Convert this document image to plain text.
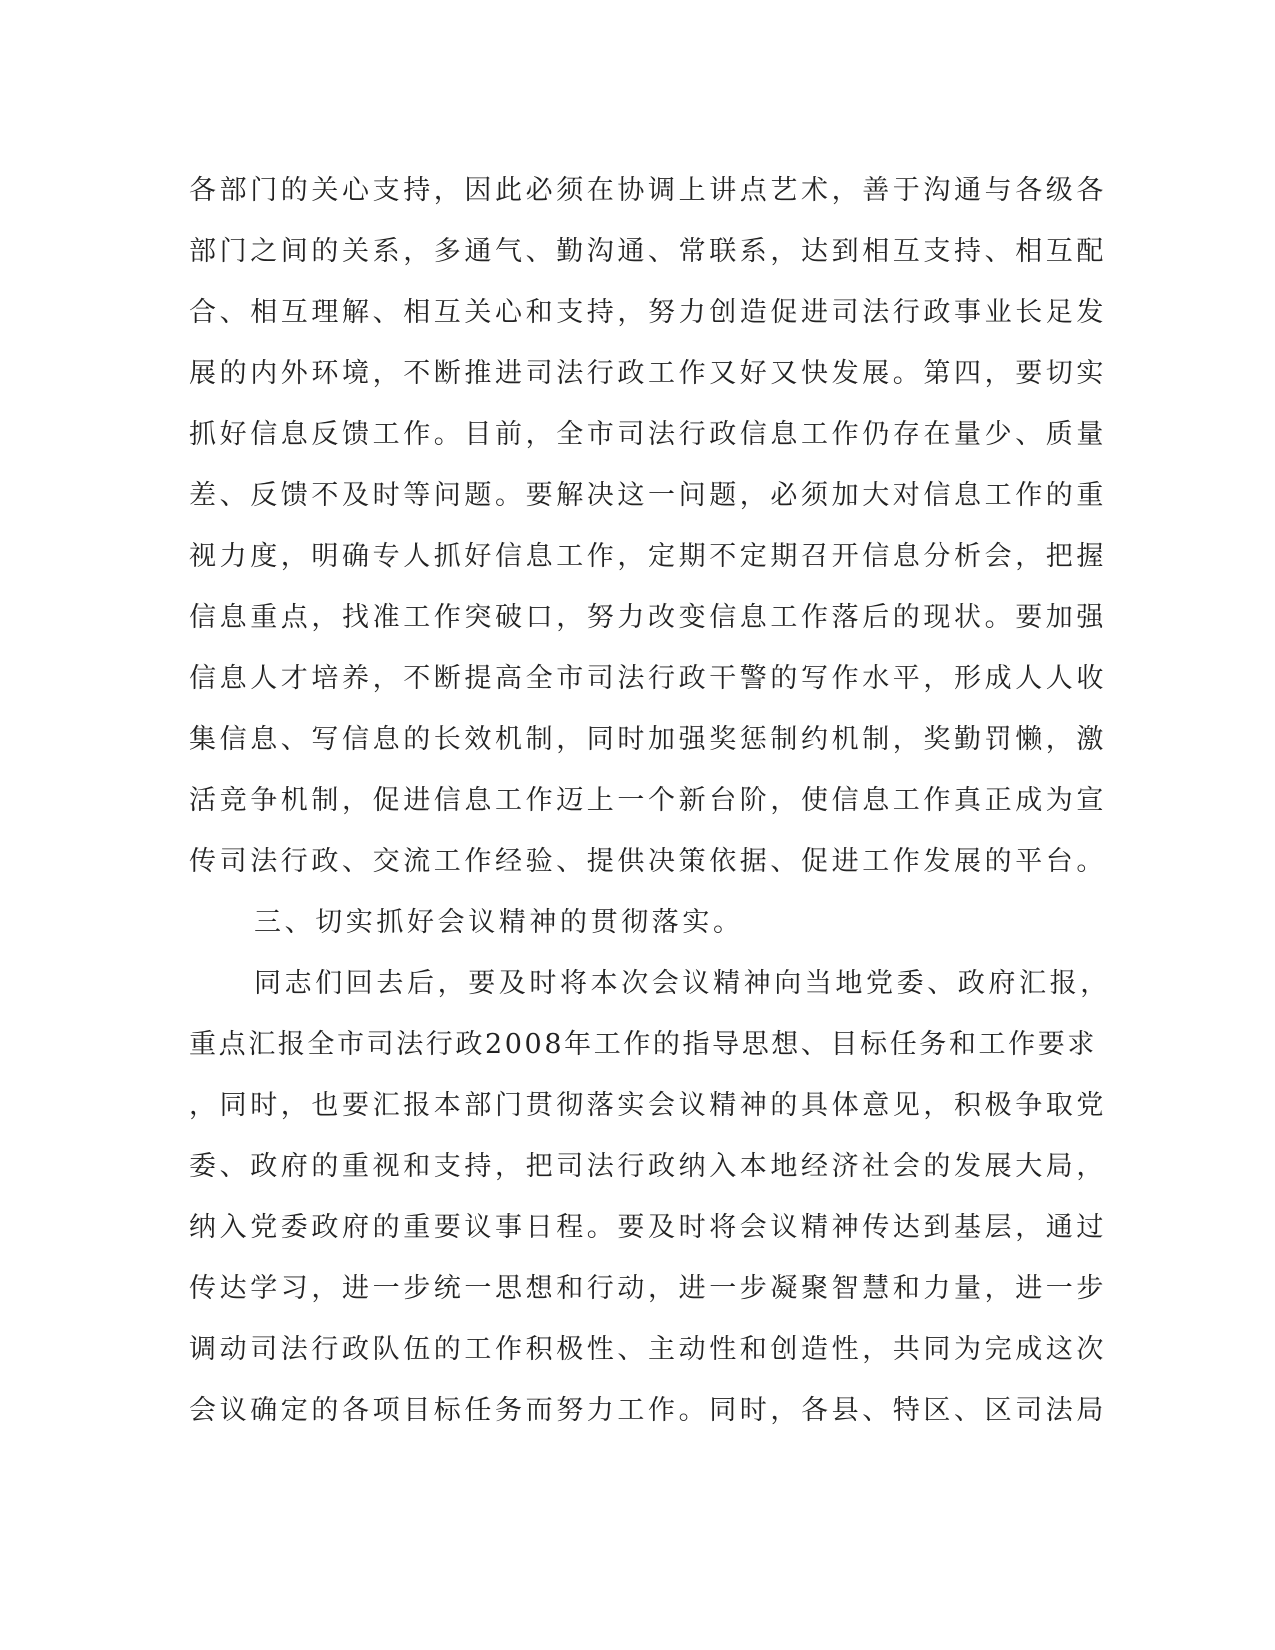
各部门的关心支持，因此必须在协调上讲点艺术，善于沟通与各级各
部门之间的关系，多通气、勤沟通、常联系，达到相互支持、相互配
合、相互理解、相互关心和支持，努力创造促进司法行政事业长足发
展的内外环境，不断推进司法行政工作又好又快发展。第四，要切实
抓好信息反馈工作。目前，全市司法行政信息工作仍存在量少、质量
差、反馈不及时等问题。要解决这一问题，必须加大对信息工作的重
视力度，明确专人抓好信息工作，定期不定期召开信息分析会，把握
信息重点，找准工作突破口，努力改变信息工作落后的现状。要加强
信息人才培养，不断提高全市司法行政干警的写作水平，形成人人收
集信息、写信息的长效机制，同时加强奖惩制约机制，奖勤罚懒，激
活竞争机制，促进信息工作迈上一个新台阶，使信息工作真正成为宣
传司法行政、交流工作经验、提供决策依据、促进工作发展的平台。
三、切实抓好会议精神的贯彻落实。
同志们回去后，要及时将本次会议精神向当地党委、政府汇报，
重点汇报全市司法行政2008年工作的指导思想、目标任务和工作要求
，同时，也要汇报本部门贯彻落实会议精神的具体意见，积极争取党
委、政府的重视和支持，把司法行政纳入本地经济社会的发展大局，
纳入党委政府的重要议事日程。要及时将会议精神传达到基层，通过
传达学习，进一步统一思想和行动，进一步凝聚智慧和力量，进一步
调动司法行政队伍的工作积极性、主动性和创造性，共同为完成这次
会议确定的各项目标任务而努力工作。同时，各县、特区、区司法局
